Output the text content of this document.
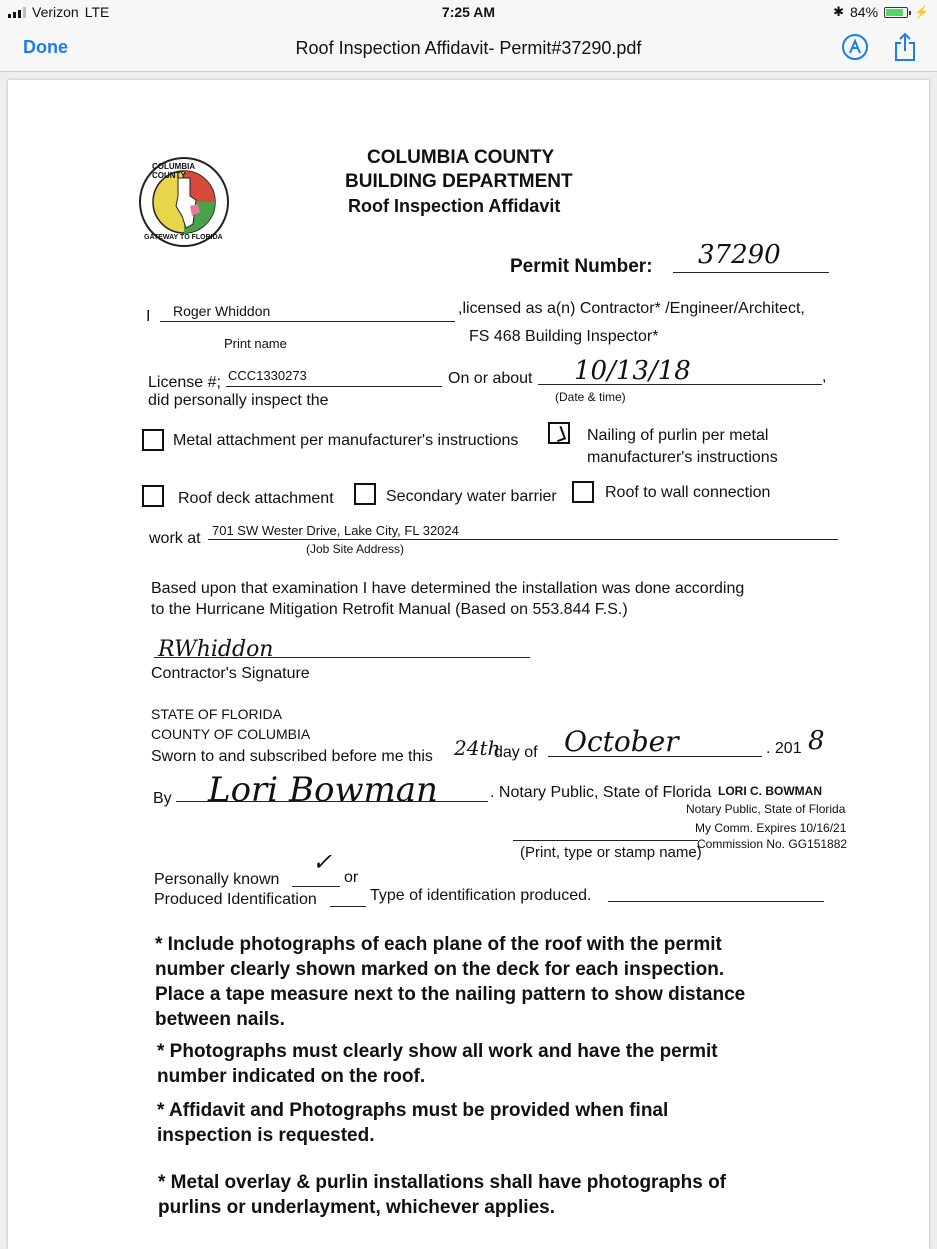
Verizon LTE	7:25 AM	✱ 84%	⚡
Done	Roof Inspection Affidavit- Permit#37290.pdf
COLUMBIA COUNTY
GATEWAY TO FLORIDA
COLUMBIA COUNTY
BUILDING DEPARTMENT
Roof Inspection Affidavit
Permit Number: 37290
I Roger Whiddon	,licensed as a(n) Contractor* /Engineer/Architect,
Print name	FS 468 Building Inspector*
License #; CCC1330273	On or about 10/13/18	,
(Date & time)
did personally inspect the
Metal attachment per manufacturer's instructions	Nailing of purlin per metal
manufacturer's instructions
Roof deck attachment	Secondary water barrier	Roof to wall connection
work at 701 SW Wester Drive, Lake City, FL 32024
(Job Site Address)
Based upon that examination I have determined the installation was done according
to the Hurricane Mitigation Retrofit Manual (Based on 553.844 F.S.)
RWhiddon
Contractor's Signature
STATE OF FLORIDA
COUNTY OF COLUMBIA
Sworn to and subscribed before me this 24th
day of October	. 201 8
By Lori Bowman	. Notary Public, State of Florida LORI C. BOWMAN
Notary Public, State of Florida
My Comm. Expires 10/16/21
Commission No. GG151882
(Print, type or stamp name)
✓
Personally known	or
Produced Identification	Type of identification produced.
* Include photographs of each plane of the roof with the permit
number clearly shown marked on the deck for each inspection.
Place a tape measure next to the nailing pattern to show distance
between nails.
* Photographs must clearly show all work and have the permit
number indicated on the roof.
* Affidavit and Photographs must be provided when final
inspection is requested.
* Metal overlay & purlin installations shall have photographs of
purlins or underlayment, whichever applies.
